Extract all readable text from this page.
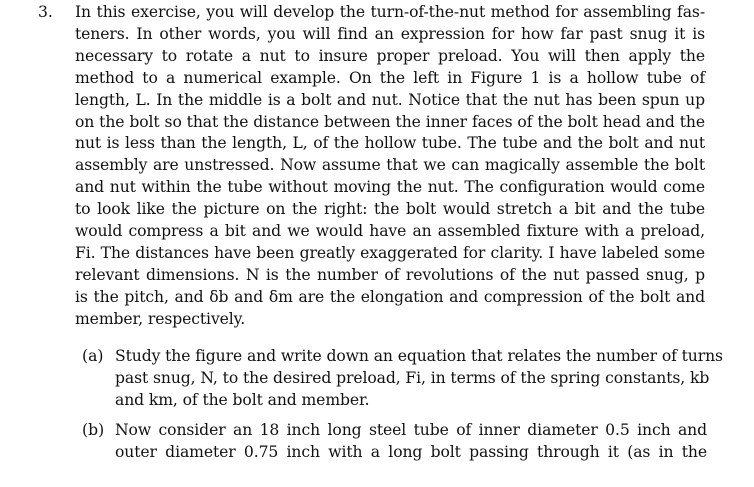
3. In this exercise, you will develop the turn-of-the-nut method for assembling fas-
teners. In other words, you will find an expression for how far past snug it is
necessary to rotate a nut to insure proper preload. You will then apply the
method to a numerical example. On the left in Figure 1 is a hollow tube of
length, L. In the middle is a bolt and nut. Notice that the nut has been spun up
on the bolt so that the distance between the inner faces of the bolt head and the
nut is less than the length, L, of the hollow tube. The tube and the bolt and nut
assembly are unstressed. Now assume that we can magically assemble the bolt
and nut within the tube without moving the nut. The configuration would come
to look like the picture on the right: the bolt would stretch a bit and the tube
would compress a bit and we would have an assembled fixture with a preload,
Fi. The distances have been greatly exaggerated for clarity. I have labeled some
relevant dimensions. N is the number of revolutions of the nut passed snug, p
is the pitch, and δb and δm are the elongation and compression of the bolt and
member, respectively.
(a) Study the figure and write down an equation that relates the number of turns
past snug, N, to the desired preload, Fi, in terms of the spring constants, kb
and km, of the bolt and member.
(b) Now consider an 18 inch long steel tube of inner diameter 0.5 inch and
outer diameter 0.75 inch with a long bolt passing through it (as in the
